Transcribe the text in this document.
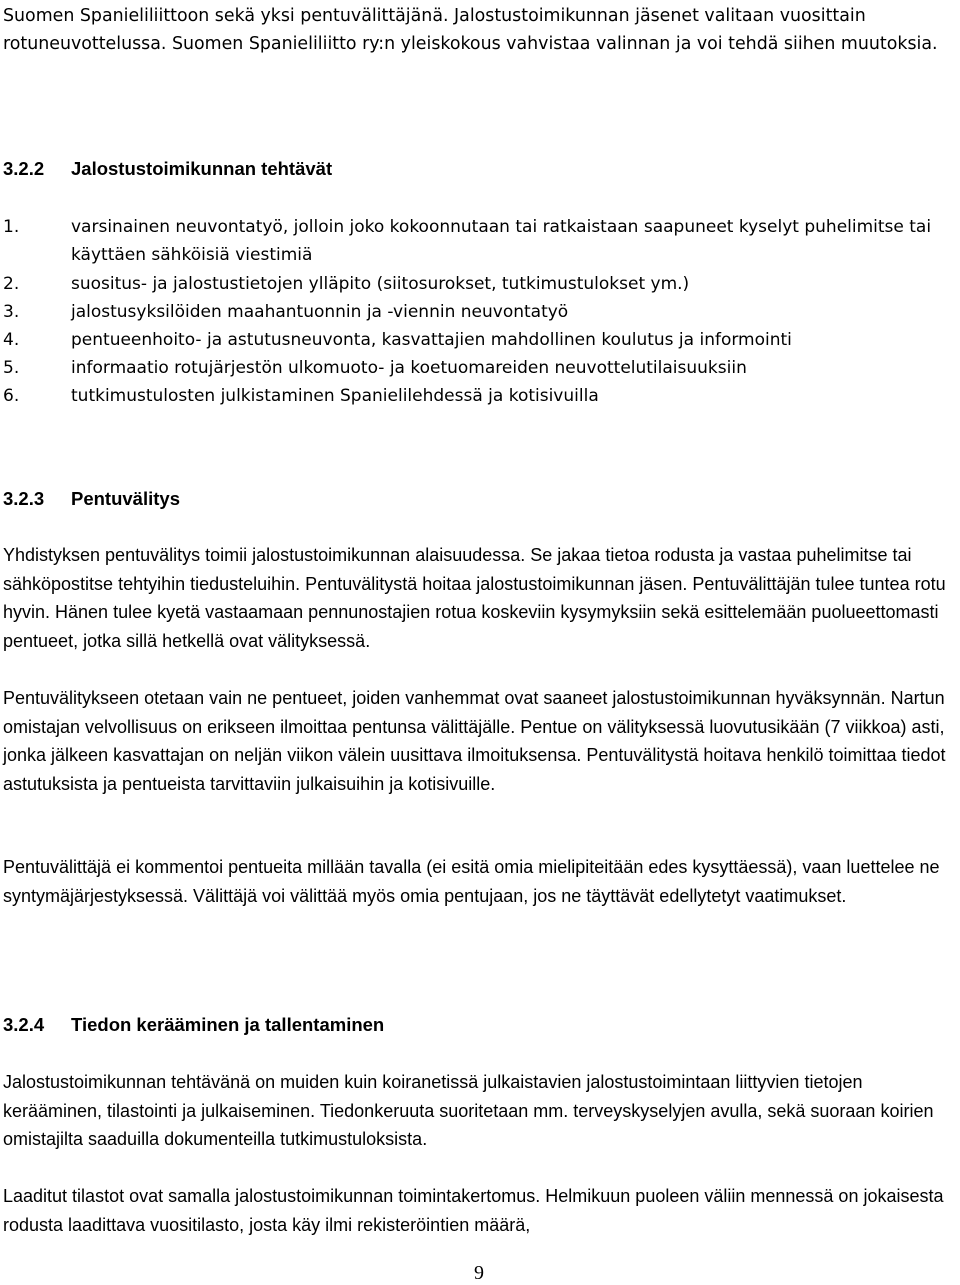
Suomen Spanieliliittoon sekä yksi pentuvälittäjänä. Jalostustoimikunnan jäsenet valitaan vuosittain rotuneuvottelussa. Suomen Spanieliliitto ry:n yleiskokous vahvistaa valinnan ja voi tehdä siihen muutoksia.

3.2.2 Jalostustoimikunnan tehtävät
1.	varsinainen neuvontatyö, jolloin joko kokoonnutaan tai ratkaistaan saapuneet kyselyt puhelimitse tai käyttäen sähköisiä viestimiä
2.	suositus- ja jalostustietojen ylläpito (siitosurokset, tutkimustulokset ym.)
3.	jalostusyksilöiden maahantuonnin ja -viennin neuvontatyö
4.	pentueenhoito- ja astutusneuvonta, kasvattajien mahdollinen koulutus ja informointi
5.	informaatio rotujärjestön ulkomuoto- ja koetuomareiden neuvottelutilaisuuksiin
6.	tutkimustulosten julkistaminen Spanielilehdessä ja kotisivuilla
3.2.3 Pentuvälitys

Yhdistyksen pentuvälitys toimii jalostustoimikunnan alaisuudessa. Se jakaa tietoa rodusta ja vastaa puhelimitse tai sähköpostitse tehtyihin tiedusteluihin. Pentuvälitystä hoitaa jalostustoimikunnan jäsen. Pentuvälittäjän tulee tuntea rotu hyvin. Hänen tulee kyetä vastaamaan pennunostajien rotua koskeviin kysymyksiin sekä esittelemään puolueettomasti pentueet, jotka sillä hetkellä ovat välityksessä.

Pentuvälitykseen otetaan vain ne pentueet, joiden vanhemmat ovat saaneet jalostustoimikunnan hyväksynnän. Nartun omistajan velvollisuus on erikseen ilmoittaa pentunsa välittäjälle. Pentue on välityksessä luovutusikään (7 viikkoa) asti, jonka jälkeen kasvattajan on neljän viikon välein uusittava ilmoituksensa. Pentuvälitystä hoitava henkilö toimittaa tiedot astutuksista ja pentueista tarvittaviin julkaisuihin ja kotisivuille.

Pentuvälittäjä ei kommentoi pentueita millään tavalla (ei esitä omia mielipiteitään edes kysyttäessä), vaan luettelee ne syntymäjärjestyksessä. Välittäjä voi välittää myös omia pentujaan, jos ne täyttävät edellytetyt vaatimukset.

3.2.4 Tiedon kerääminen ja tallentaminen

Jalostustoimikunnan tehtävänä on muiden kuin koiranetissä julkaistavien jalostustoimintaan liittyvien tietojen kerääminen, tilastointi ja julkaiseminen. Tiedonkeruuta suoritetaan mm. terveyskyselyjen avulla, sekä suoraan koirien omistajilta saaduilla dokumenteilla tutkimustuloksista.

Laaditut tilastot ovat samalla jalostustoimikunnan toimintakertomus. Helmikuun puoleen väliin mennessä on jokaisesta rodusta laadittava vuositilasto, josta käy ilmi rekisteröintien määrä,

9
